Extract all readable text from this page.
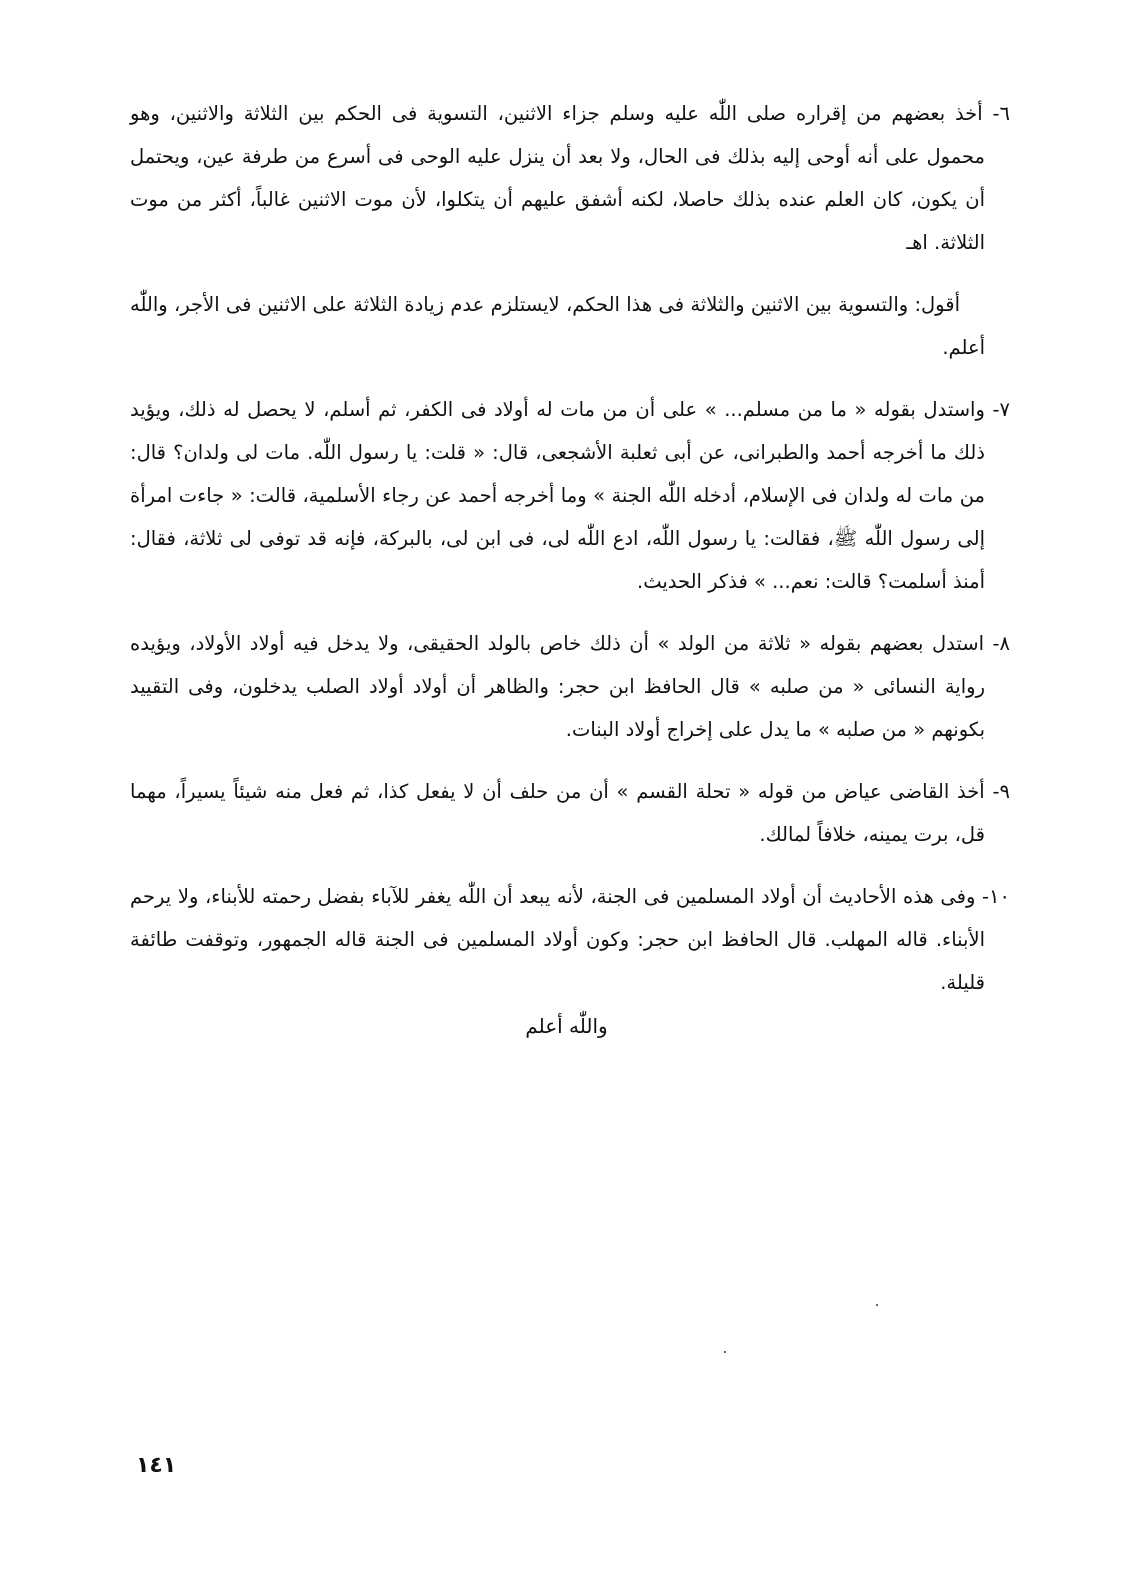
٦- أخذ بعضهم من إقراره صلى اللّٰه عليه وسلم جزاء الاثنين، التسوية فى الحكم بين الثلاثة والاثنين، وهو محمول على أنه أوحى إليه بذلك فى الحال، ولا بعد أن ينزل عليه الوحى فى أسرع من طرفة عين، ويحتمل أن يكون، كان العلم عنده بذلك حاصلا، لكنه أشفق عليهم أن يتكلوا، لأن موت الاثنين غالباً، أكثر من موت الثلاثة. اهـ

أقول: والتسوية بين الاثنين والثلاثة فى هذا الحكم، لايستلزم عدم زيادة الثلاثة على الاثنين فى الأجر، واللّٰه أعلم.

٧- واستدل بقوله « ما من مسلم... » على أن من مات له أولاد فى الكفر، ثم أسلم، لا يحصل له ذلك، ويؤيد ذلك ما أخرجه أحمد والطبرانى، عن أبى ثعلبة الأشجعى، قال: « قلت: يا رسول اللّٰه. مات لى ولدان؟ قال: من مات له ولدان فى الإسلام، أدخله اللّٰه الجنة » وما أخرجه أحمد عن رجاء الأسلمية، قالت: « جاءت امرأة إلى رسول اللّٰه ﷺ، فقالت: يا رسول اللّٰه، ادع اللّٰه لى، فى ابن لى، بالبركة، فإنه قد توفى لى ثلاثة، فقال: أمنذ أسلمت؟ قالت: نعم... » فذكر الحديث.

٨- استدل بعضهم بقوله « ثلاثة من الولد » أن ذلك خاص بالولد الحقيقى، ولا يدخل فيه أولاد الأولاد، ويؤيده رواية النسائى « من صلبه » قال الحافظ ابن حجر: والظاهر أن أولاد أولاد الصلب يدخلون، وفى التقييد بكونهم « من صلبه » ما يدل على إخراج أولاد البنات.

٩- أخذ القاضى عياض من قوله « تحلة القسم » أن من حلف أن لا يفعل كذا، ثم فعل منه شيئاً يسيراً، مهما قل، برت يمينه، خلافاً لمالك.

١٠- وفى هذه الأحاديث أن أولاد المسلمين فى الجنة، لأنه يبعد أن اللّٰه يغفر للآباء بفضل رحمته للأبناء، ولا يرحم الأبناء. قاله المهلب. قال الحافظ ابن حجر: وكون أولاد المسلمين فى الجنة قاله الجمهور، وتوقفت طائفة قليلة.

واللّٰه أعلم
١٤١
